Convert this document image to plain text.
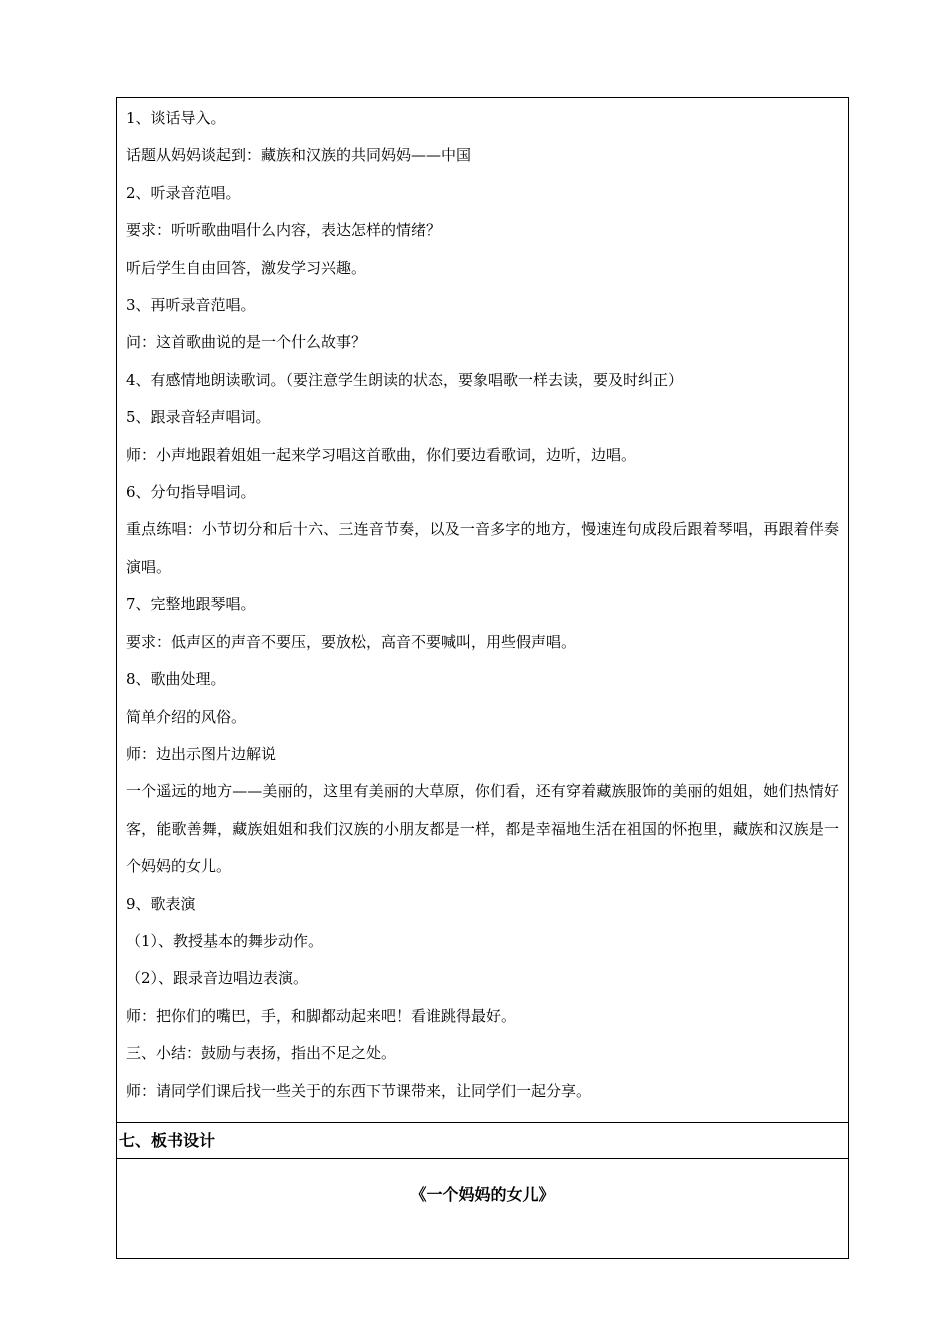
1、谈话导入。
话题从妈妈谈起到：藏族和汉族的共同妈妈——中国
2、听录音范唱。
要求：听听歌曲唱什么内容，表达怎样的情绪？
听后学生自由回答，激发学习兴趣。
3、再听录音范唱。
问：这首歌曲说的是一个什么故事？
4、有感情地朗读歌词。（要注意学生朗读的状态，要象唱歌一样去读，要及时纠正）
5、跟录音轻声唱词。
师：小声地跟着姐姐一起来学习唱这首歌曲，你们要边看歌词，边听，边唱。
6、分句指导唱词。
重点练唱：小节切分和后十六、三连音节奏，以及一音多字的地方，慢速连句成段后跟着琴唱，再跟着伴奏演唱。
7、完整地跟琴唱。
要求：低声区的声音不要压，要放松，高音不要喊叫，用些假声唱。
8、歌曲处理。
简单介绍的风俗。
师：边出示图片边解说
一个遥远的地方——美丽的，这里有美丽的大草原，你们看，还有穿着藏族服饰的美丽的姐姐，她们热情好客，能歌善舞，藏族姐姐和我们汉族的小朋友都是一样，都是幸福地生活在祖国的怀抱里，藏族和汉族是一个妈妈的女儿。
9、歌表演
（1）、教授基本的舞步动作。
（2）、跟录音边唱边表演。
师：把你们的嘴巴，手，和脚都动起来吧！看谁跳得最好。
三、小结：鼓励与表扬，指出不足之处。
师：请同学们课后找一些关于的东西下节课带来，让同学们一起分享。
七、板书设计
《一个妈妈的女儿》
